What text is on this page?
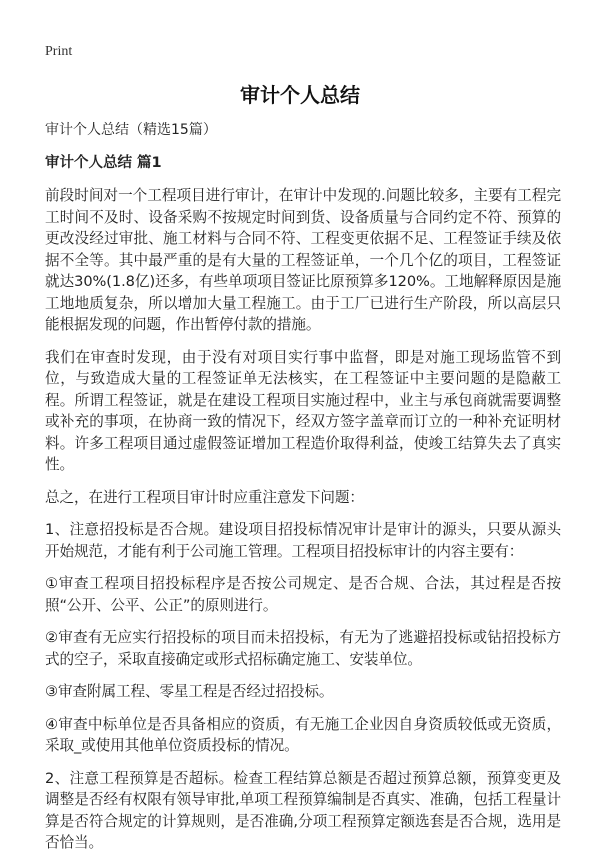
Print
审计个人总结
审计个人总结（精选15篇）
审计个人总结 篇1

前段时间对一个工程项目进行审计，在审计中发现的.问题比较多，主要有工程完工时间不及时、设备采购不按规定时间到货、设备质量与合同约定不符、预算的更改没经过审批、施工材料与合同不符、工程变更依据不足、工程签证手续及依据不全等。其中最严重的是有大量的工程签证单，一个几个亿的项目，工程签证就达30%(1.8亿)还多，有些单项项目签证比原预算多120%。工地解释原因是施工地地质复杂，所以增加大量工程施工。由于工厂已进行生产阶段，所以高层只能根据发现的问题，作出暂停付款的措施。

我们在审查时发现，由于没有对项目实行事中监督，即是对施工现场监管不到位，与致造成大量的工程签证单无法核实，在工程签证中主要问题的是隐蔽工程。所谓工程签证，就是在建设工程项目实施过程中，业主与承包商就需要调整或补充的事项，在协商一致的情况下，经双方签字盖章而订立的一种补充证明材料。许多工程项目通过虚假签证增加工程造价取得利益，使竣工结算失去了真实性。

总之，在进行工程项目审计时应重注意发下问题：

1、注意招投标是否合规。建设项目招投标情况审计是审计的源头，只要从源头开始规范，才能有利于公司施工管理。工程项目招投标审计的内容主要有：

①审查工程项目招投标程序是否按公司规定、是否合规、合法，其过程是否按照“公开、公平、公正”的原则进行。

②审查有无应实行招投标的项目而未招投标，有无为了逃避招投标或钻招投标方式的空子，采取直接确定或形式招标确定施工、安装单位。

③审查附属工程、零星工程是否经过招投标。

④审查中标单位是否具备相应的资质，有无施工企业因自身资质较低或无资质，采取_或使用其他单位资质投标的情况。

2、注意工程预算是否超标。检查工程结算总额是否超过预算总额，预算变更及调整是否经有权限有领导审批,单项工程预算编制是否真实、准确，包括工程量计算是否符合规定的计算规则，是否准确,分项工程预算定额选套是否合规，选用是否恰当。
